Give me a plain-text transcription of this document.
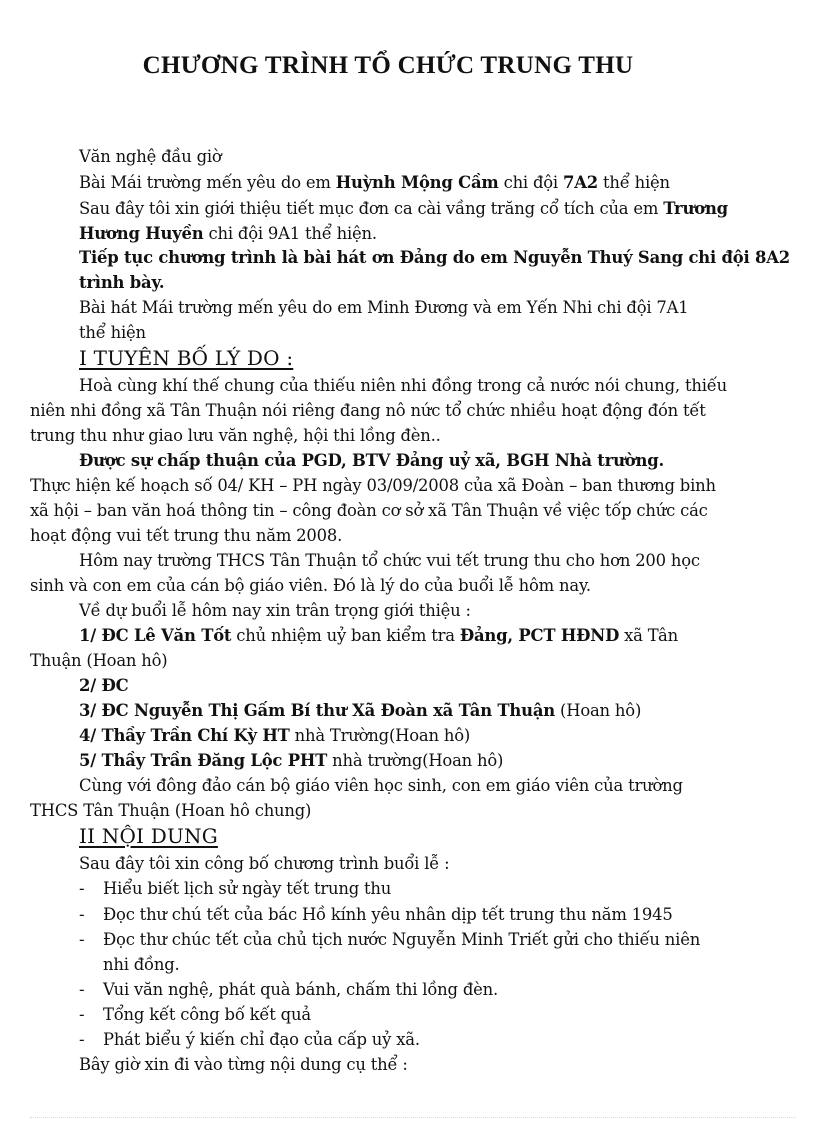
CHƯƠNG TRÌNH TỔ CHỨC TRUNG THU
Văn nghệ đầu giờ
Bài Mái trường mến yêu do em Huỳnh Mộng Cầm chi đội 7A2 thể hiện
Sau đây tôi xin giới thiệu tiết mục đơn ca cài vầng trăng cổ tích của em Trương
Hương Huyền chi đội 9A1 thể hiện.
Tiếp tục chương trình là bài hát ơn Đảng do em Nguyễn Thuý Sang chi đội 8A2
trình bày.
Bài hát Mái trường mến yêu do em Minh Đương và em Yến Nhi chi đội 7A1
thể hiện
I TUYÊN BỐ LÝ DO :
Hoà cùng khí thế chung của thiếu niên nhi đồng trong cả nước nói chung, thiếu
niên nhi đồng xã Tân Thuận nói riêng đang nô nức tổ chức nhiều hoạt động đón tết
trung thu như giao lưu văn nghệ, hội thi lồng đèn..
Được sự chấp thuận của PGD, BTV Đảng uỷ xã, BGH Nhà trường.
Thực hiện kế hoạch số 04/ KH – PH ngày 03/09/2008 của xã Đoàn – ban thương binh
xã hội – ban văn hoá thông tin – công đoàn cơ sở xã Tân Thuận về việc tốp chức các
hoạt động vui tết trung thu năm 2008.
Hôm nay trường THCS Tân Thuận tổ chức vui tết trung thu cho hơn 200 học
sinh và con em của cán bộ giáo viên. Đó là lý do của buổi lễ hôm nay.
Về dự buổi lễ hôm nay xin trân trọng giới thiệu :
1/ ĐC Lê Văn Tốt chủ nhiệm uỷ ban kiểm tra Đảng, PCT HĐND xã Tân
Thuận (Hoan hô)
2/ ĐC
3/ ĐC Nguyễn Thị Gấm Bí thư Xã Đoàn xã Tân Thuận (Hoan hô)
4/ Thầy Trần Chí Kỳ HT nhà Trường(Hoan hô)
5/ Thầy Trần Đăng Lộc PHT nhà trường(Hoan hô)
Cùng với đông đảo cán bộ giáo viên học sinh, con em giáo viên của trường
THCS Tân Thuận (Hoan hô chung)
II NỘI DUNG
Sau đây tôi xin công bố chương trình buổi lễ :
- Hiểu biết lịch sử ngày tết trung thu
- Đọc thư chú tết của bác Hồ kính yêu nhân dịp tết trung thu năm 1945
- Đọc thư chúc tết của chủ tịch nước Nguyễn Minh Triết gửi cho thiếu niên
nhi đồng.
- Vui văn nghệ, phát quà bánh, chấm thi lồng đèn.
- Tổng kết công bố kết quả
- Phát biểu ý kiến chỉ đạo của cấp uỷ xã.
Bây giờ xin đi vào từng nội dung cụ thể :
